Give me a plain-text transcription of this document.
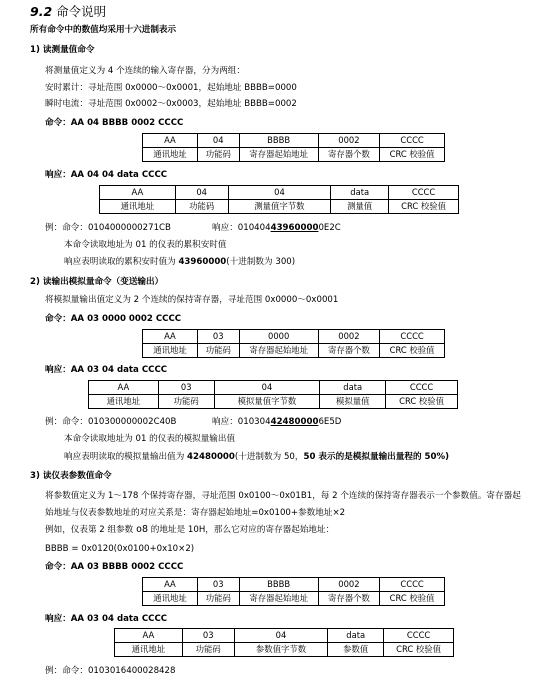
9.2 命令说明
所有命令中的数值均采用十六进制表示
1) 读测量值命令
将测量值定义为 4 个连续的输入寄存器，分为两组：
安时累计：寻址范围 0x0000～0x0001，起始地址 BBBB=0000
瞬时电流：寻址范围 0x0002～0x0003，起始地址 BBBB=0002
命令：AA 04 BBBB 0002 CCCC
AA	04	BBBB	0002	CCCC
通讯地址	功能码	寄存器起始地址	寄存器个数	CRC 校验值
响应：AA 04 04 data CCCC
AA	04	04	data	CCCC
通讯地址	功能码	测量值字节数	测量值	CRC 校验值
例：命令：0104000000271CB	响应：010404439600000E2C
本命令读取地址为 01 的仪表的累积安时值
响应表明读取的累积安时值为 43960000(十进制数为 300)
2) 读输出模拟量命令（变送输出）
将模拟量输出值定义为 2 个连续的保持寄存器，寻址范围 0x0000～0x0001
命令：AA 03 0000 0002 CCCC
AA	03	0000	0002	CCCC
通讯地址	功能码	寄存器起始地址	寄存器个数	CRC 校验值
响应：AA 03 04 data CCCC
AA	03	04	data	CCCC
通讯地址	功能码	模拟量值字节数	模拟量值	CRC 校验值
例：命令：010300000002C40B	响应：010304424800006E5D
本命令读取地址为 01 的仪表的模拟量输出值
响应表明读取的模拟量输出值为 42480000(十进制数为 50，50 表示的是模拟量输出量程的 50%)
3) 读仪表参数值命令
将参数值定义为 1～178 个保持寄存器，寻址范围 0x0100～0x01B1，每 2 个连续的保持寄存器表示一个参数值。寄存器起
始地址与仪表参数地址的对应关系是：寄存器起始地址=0x0100+参数地址×2
例如，仪表第 2 组参数 o8 的地址是 10H，那么它对应的寄存器起始地址：
BBBB = 0x0120(0x0100+0x10×2)
命令：AA 03 BBBB 0002 CCCC
AA	03	BBBB	0002	CCCC
通讯地址	功能码	寄存器起始地址	寄存器个数	CRC 校验值
响应：AA 03 04 data CCCC
AA	03	04	data	CCCC
通讯地址	功能码	参数值字节数	参数值	CRC 校验值
例：命令：0103016400028428
